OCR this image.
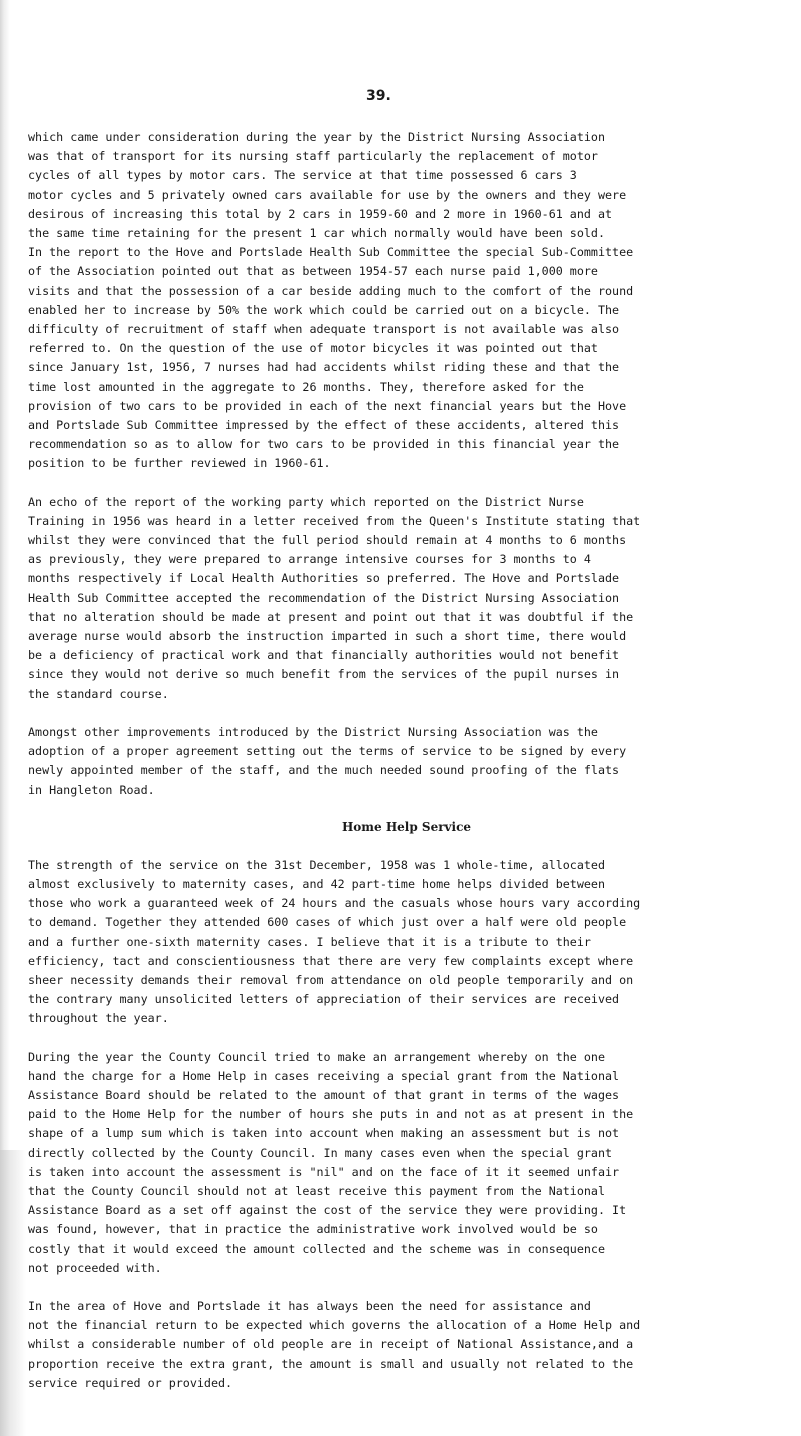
39.

which came under consideration during the year by the District Nursing Association
was that of transport for its nursing staff particularly the replacement of motor
cycles of all types by motor cars. The service at that time possessed 6 cars 3
motor cycles and 5 privately owned cars available for use by the owners and they were
desirous of increasing this total by 2 cars in 1959-60 and 2 more in 1960-61 and at
the same time retaining for the present 1 car which normally would have been sold.
In the report to the Hove and Portslade Health Sub Committee the special Sub-Committee
of the Association pointed out that as between 1954-57 each nurse paid 1,000 more
visits and that the possession of a car beside adding much to the comfort of the round
enabled her to increase by 50% the work which could be carried out on a bicycle. The
difficulty of recruitment of staff when adequate transport is not available was also
referred to. On the question of the use of motor bicycles it was pointed out that
since January 1st, 1956, 7 nurses had had accidents whilst riding these and that the
time lost amounted in the aggregate to 26 months. They, therefore asked for the
provision of two cars to be provided in each of the next financial years but the Hove
and Portslade Sub Committee impressed by the effect of these accidents, altered this
recommendation so as to allow for two cars to be provided in this financial year the
position to be further reviewed in 1960-61.

An echo of the report of the working party which reported on the District Nurse
Training in 1956 was heard in a letter received from the Queen's Institute stating that
whilst they were convinced that the full period should remain at 4 months to 6 months
as previously, they were prepared to arrange intensive courses for 3 months to 4
months respectively if Local Health Authorities so preferred. The Hove and Portslade
Health Sub Committee accepted the recommendation of the District Nursing Association
that no alteration should be made at present and point out that it was doubtful if the
average nurse would absorb the instruction imparted in such a short time, there would
be a deficiency of practical work and that financially authorities would not benefit
since they would not derive so much benefit from the services of the pupil nurses in
the standard course.

Amongst other improvements introduced by the District Nursing Association was the
adoption of a proper agreement setting out the terms of service to be signed by every
newly appointed member of the staff, and the much needed sound proofing of the flats
in Hangleton Road.

Home Help Service

The strength of the service on the 31st December, 1958 was 1 whole-time, allocated
almost exclusively to maternity cases, and 42 part-time home helps divided between
those who work a guaranteed week of 24 hours and the casuals whose hours vary according
to demand. Together they attended 600 cases of which just over a half were old people
and a further one-sixth maternity cases. I believe that it is a tribute to their
efficiency, tact and conscientiousness that there are very few complaints except where
sheer necessity demands their removal from attendance on old people temporarily and on
the contrary many unsolicited letters of appreciation of their services are received
throughout the year.

During the year the County Council tried to make an arrangement whereby on the one
hand the charge for a Home Help in cases receiving a special grant from the National
Assistance Board should be related to the amount of that grant in terms of the wages
paid to the Home Help for the number of hours she puts in and not as at present in the
shape of a lump sum which is taken into account when making an assessment but is not
directly collected by the County Council. In many cases even when the special grant
is taken into account the assessment is "nil" and on the face of it it seemed unfair
that the County Council should not at least receive this payment from the National
Assistance Board as a set off against the cost of the service they were providing. It
was found, however, that in practice the administrative work involved would be so
costly that it would exceed the amount collected and the scheme was in consequence
not proceeded with.

In the area of Hove and Portslade it has always been the need for assistance and
not the financial return to be expected which governs the allocation of a Home Help and
whilst a considerable number of old people are in receipt of National Assistance,and a
proportion receive the extra grant, the amount is small and usually not related to the
service required or provided.
